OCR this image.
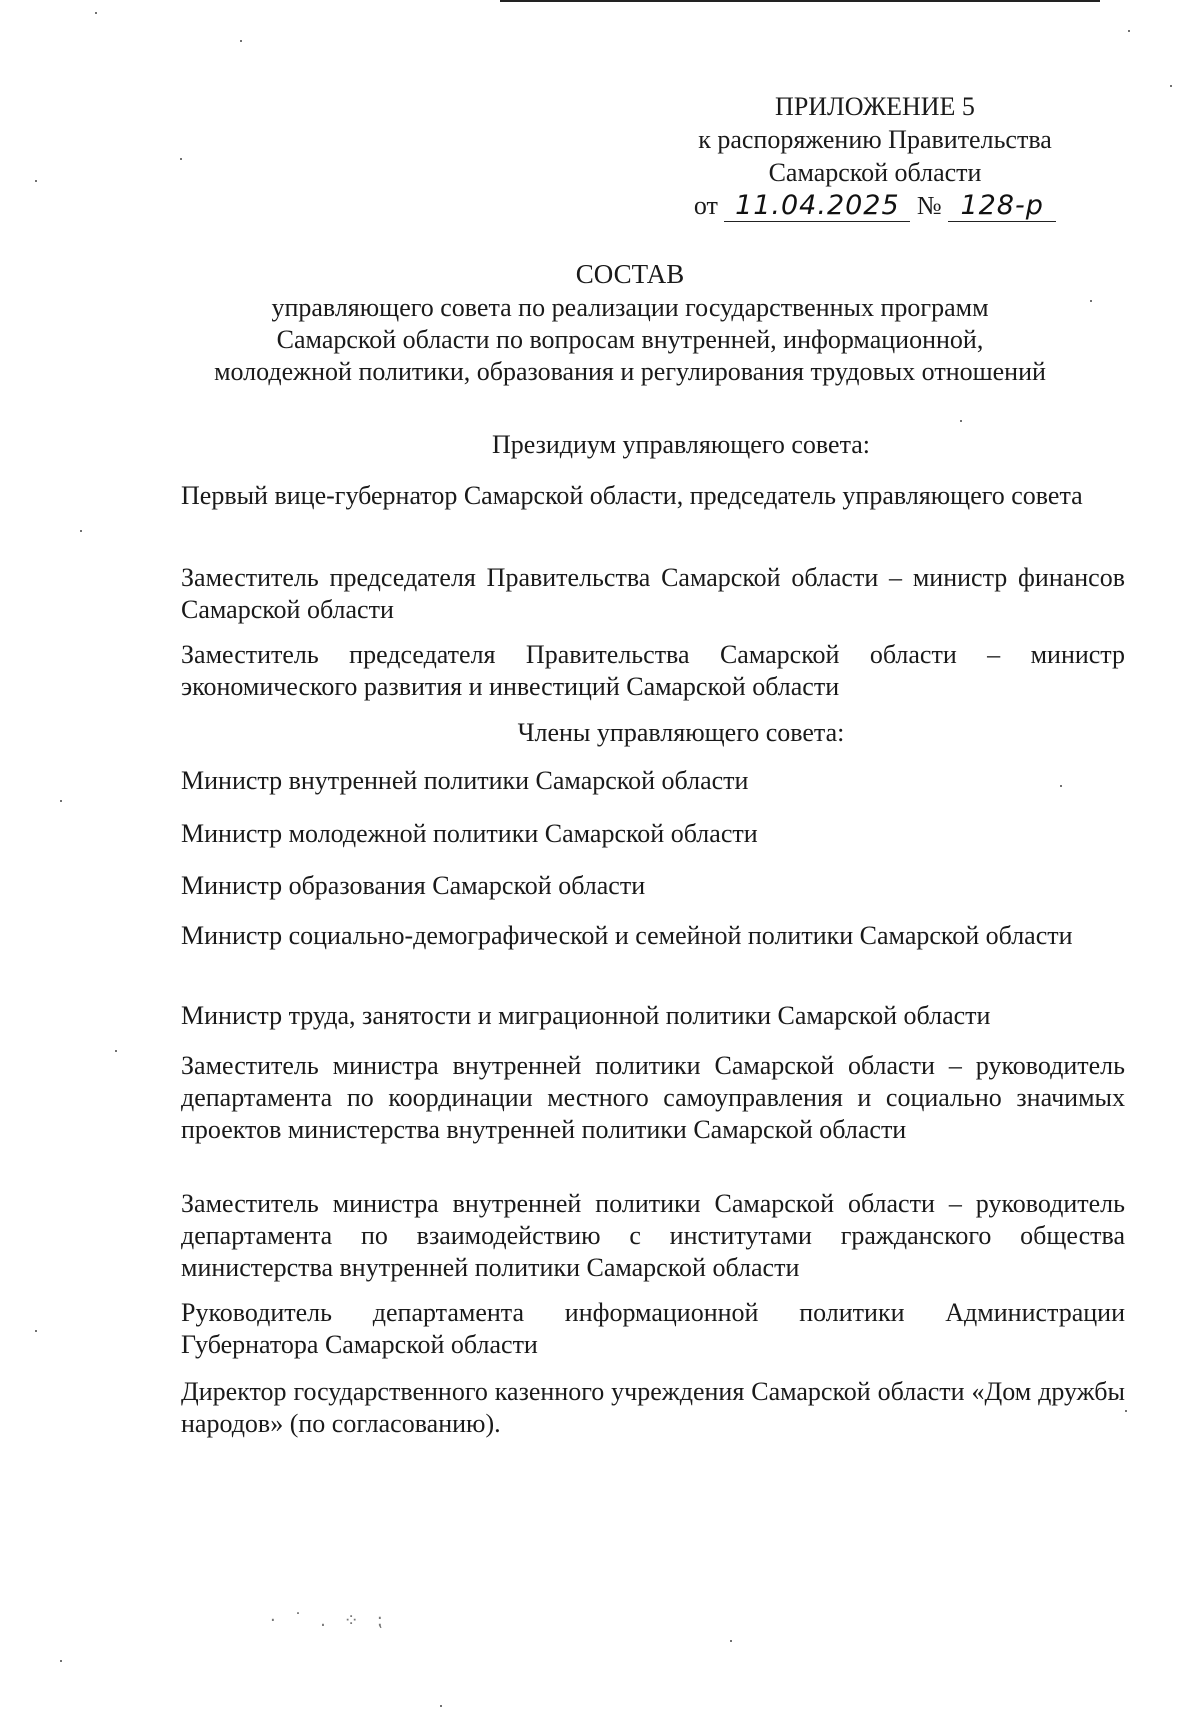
ПРИЛОЖЕНИЕ 5
к распоряжению Правительства
Самарской области
от 11.04.2025 № 128-р
СОСТАВ
управляющего совета по реализации государственных программ
Самарской области по вопросам внутренней, информационной,
молодежной политики, образования и регулирования трудовых отношений
Президиум управляющего совета:
Первый вице-губернатор Самарской области, председатель управляющего совета
Заместитель председателя Правительства Самарской области – министр финансов Самарской области
Заместитель председателя Правительства Самарской области – министр экономического развития и инвестиций Самарской области
Члены управляющего совета:
Министр внутренней политики Самарской области
Министр молодежной политики Самарской области
Министр образования Самарской области
Министр социально-демографической и семейной политики Самарской области
Министр труда, занятости и миграционной политики Самарской области
Заместитель министра внутренней политики Самарской области – руководитель департамента по координации местного самоуправления и социально значимых проектов министерства внутренней политики Самарской области
Заместитель министра внутренней политики Самарской области – руководитель департамента по взаимодействию с институтами гражданского общества министерства внутренней политики Самарской области
Руководитель департамента информационной политики Администрации Губернатора Самарской области
Директор государственного казенного учреждения Самарской области «Дом дружбы народов» (по согласованию).
· ˙ . ⁘ ⁏
